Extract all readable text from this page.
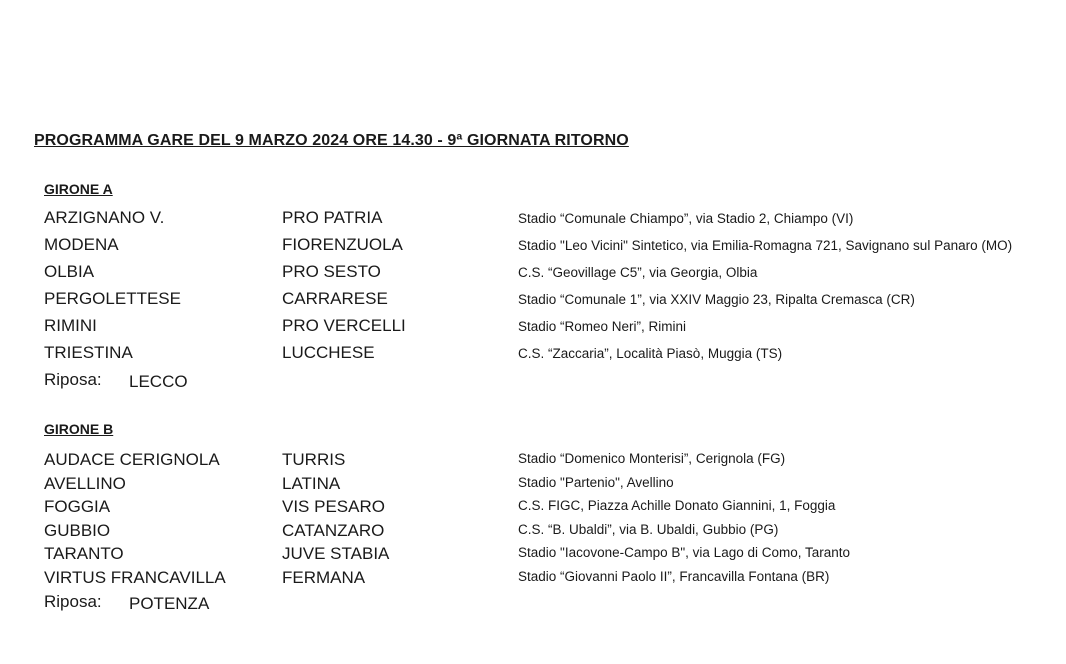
PROGRAMMA GARE DEL 9 MARZO 2024 ORE 14.30 - 9ª GIORNATA RITORNO
GIRONE A
ARZIGNANO V.	PRO PATRIA	Stadio “Comunale Chiampo”, via Stadio 2, Chiampo (VI)
MODENA	FIORENZUOLA	Stadio "Leo Vicini" Sintetico, via Emilia-Romagna 721, Savignano sul Panaro (MO)
OLBIA	PRO SESTO	C.S. “Geovillage C5”, via Georgia, Olbia
PERGOLETTESE	CARRARESE	Stadio “Comunale 1”, via XXIV Maggio 23, Ripalta Cremasca (CR)
RIMINI	PRO VERCELLI	Stadio “Romeo Neri”, Rimini
TRIESTINA	LUCCHESE	C.S. “Zaccaria”, Località Piasò, Muggia (TS)
Riposa: LECCO
GIRONE B
AUDACE CERIGNOLA	TURRIS	Stadio “Domenico Monterisi”, Cerignola (FG)
AVELLINO	LATINA	Stadio "Partenio", Avellino
FOGGIA	VIS PESARO	C.S. FIGC, Piazza Achille Donato Giannini, 1, Foggia
GUBBIO	CATANZARO	C.S. “B. Ubaldi”, via B. Ubaldi, Gubbio (PG)
TARANTO	JUVE STABIA	Stadio "Iacovone-Campo B", via Lago di Como, Taranto
VIRTUS FRANCAVILLA	FERMANA	Stadio “Giovanni Paolo II”, Francavilla Fontana (BR)
Riposa: POTENZA
